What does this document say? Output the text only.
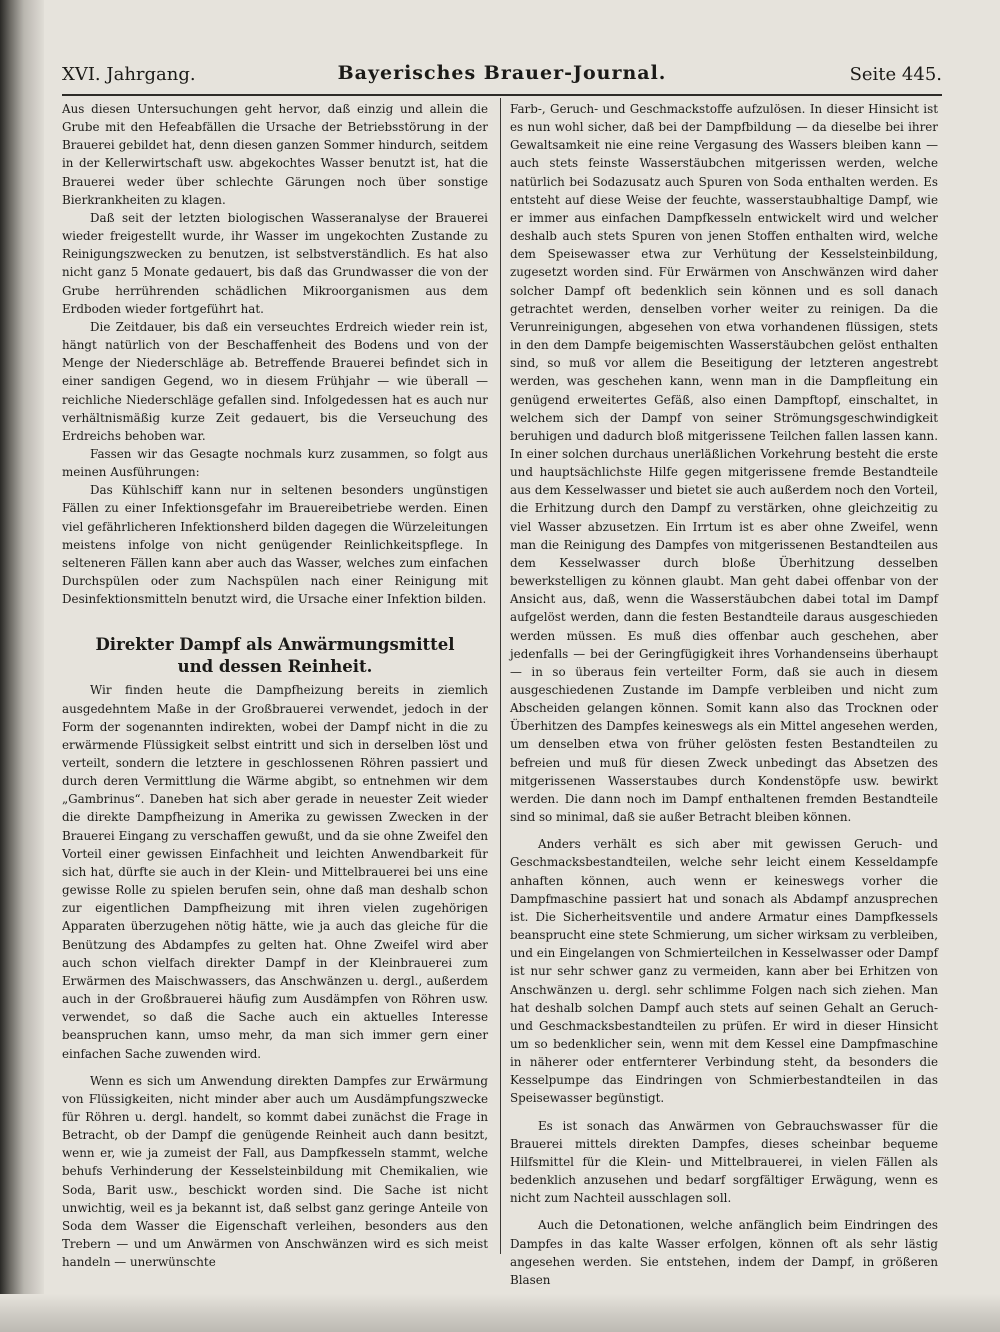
XVI. Jahrgang.	Bayerisches Brauer-Journal.	Seite 445.

Aus diesen Untersuchungen geht hervor, daß einzig und allein die Grube mit den Hefeabfällen die Ursache der Betriebsstörung in der Brauerei gebildet hat, denn diesen ganzen Sommer hindurch, seitdem in der Kellerwirtschaft usw. abgekochtes Wasser benutzt ist, hat die Brauerei weder über schlechte Gärungen noch über sonstige Bierkrankheiten zu klagen.

Daß seit der letzten biologischen Wasseranalyse der Brauerei wieder freigestellt wurde, ihr Wasser im ungekochten Zustande zu Reinigungszwecken zu benutzen, ist selbstverständlich. Es hat also nicht ganz 5 Monate gedauert, bis daß das Grundwasser die von der Grube herrührenden schädlichen Mikroorganismen aus dem Erdboden wieder fortgeführt hat.

Die Zeitdauer, bis daß ein verseuchtes Erdreich wieder rein ist, hängt natürlich von der Beschaffenheit des Bodens und von der Menge der Niederschläge ab. Betreffende Brauerei befindet sich in einer sandigen Gegend, wo in diesem Frühjahr — wie überall — reichliche Niederschläge gefallen sind. Infolgedessen hat es auch nur verhältnismäßig kurze Zeit gedauert, bis die Verseuchung des Erdreichs behoben war.

Fassen wir das Gesagte nochmals kurz zusammen, so folgt aus meinen Ausführungen:

Das Kühlschiff kann nur in seltenen besonders ungünstigen Fällen zu einer Infektionsgefahr im Brauereibetriebe werden. Einen viel gefährlicheren Infektionsherd bilden dagegen die Würzeleitungen meistens infolge von nicht genügender Reinlichkeitspflege. In selteneren Fällen kann aber auch das Wasser, welches zum einfachen Durchspülen oder zum Nachspülen nach einer Reinigung mit Desinfektionsmitteln benutzt wird, die Ursache einer Infektion bilden.

Direkter Dampf als Anwärmungsmittel
und dessen Reinheit.

Wir finden heute die Dampfheizung bereits in ziemlich ausgedehntem Maße in der Großbrauerei verwendet, jedoch in der Form der sogenannten indirekten, wobei der Dampf nicht in die zu erwärmende Flüssigkeit selbst eintritt und sich in derselben löst und verteilt, sondern die letztere in geschlossenen Röhren passiert und durch deren Vermittlung die Wärme abgibt, so entnehmen wir dem „Gambrinus“. Daneben hat sich aber gerade in neuester Zeit wieder die direkte Dampfheizung in Amerika zu gewissen Zwecken in der Brauerei Eingang zu verschaffen gewußt, und da sie ohne Zweifel den Vorteil einer gewissen Einfachheit und leichten Anwendbarkeit für sich hat, dürfte sie auch in der Klein- und Mittelbrauerei bei uns eine gewisse Rolle zu spielen berufen sein, ohne daß man deshalb schon zur eigentlichen Dampfheizung mit ihren vielen zugehörigen Apparaten überzugehen nötig hätte, wie ja auch das gleiche für die Benützung des Abdampfes zu gelten hat. Ohne Zweifel wird aber auch schon vielfach direkter Dampf in der Kleinbrauerei zum Erwärmen des Maischwassers, das Anschwänzen u. dergl., außerdem auch in der Großbrauerei häufig zum Ausdämpfen von Röhren usw. verwendet, so daß die Sache auch ein aktuelles Interesse beanspruchen kann, umso mehr, da man sich immer gern einer einfachen Sache zuwenden wird.

Wenn es sich um Anwendung direkten Dampfes zur Erwärmung von Flüssigkeiten, nicht minder aber auch um Ausdämpfungszwecke für Röhren u. dergl. handelt, so kommt dabei zunächst die Frage in Betracht, ob der Dampf die genügende Reinheit auch dann besitzt, wenn er, wie ja zumeist der Fall, aus Dampfkesseln stammt, welche behufs Verhinderung der Kesselsteinbildung mit Chemikalien, wie Soda, Barit usw., beschickt worden sind. Die Sache ist nicht unwichtig, weil es ja bekannt ist, daß selbst ganz geringe Anteile von Soda dem Wasser die Eigenschaft verleihen, besonders aus den Trebern — und um Anwärmen von Anschwänzen wird es sich meist handeln — unerwünschte

Farb-, Geruch- und Geschmackstoffe aufzulösen. In dieser Hinsicht ist es nun wohl sicher, daß bei der Dampfbildung — da dieselbe bei ihrer Gewaltsamkeit nie eine reine Vergasung des Wassers bleiben kann — auch stets feinste Wasserstäubchen mitgerissen werden, welche natürlich bei Sodazusatz auch Spuren von Soda enthalten werden. Es entsteht auf diese Weise der feuchte, wasserstaubhaltige Dampf, wie er immer aus einfachen Dampfkesseln entwickelt wird und welcher deshalb auch stets Spuren von jenen Stoffen enthalten wird, welche dem Speisewasser etwa zur Verhütung der Kesselsteinbildung, zugesetzt worden sind. Für Erwärmen von Anschwänzen wird daher solcher Dampf oft bedenklich sein können und es soll danach getrachtet werden, denselben vorher weiter zu reinigen. Da die Verunreinigungen, abgesehen von etwa vorhandenen flüssigen, stets in den dem Dampfe beigemischten Wasserstäubchen gelöst enthalten sind, so muß vor allem die Beseitigung der letzteren angestrebt werden, was geschehen kann, wenn man in die Dampfleitung ein genügend erweitertes Gefäß, also einen Dampftopf, einschaltet, in welchem sich der Dampf von seiner Strömungsgeschwindigkeit beruhigen und dadurch bloß mitgerissene Teilchen fallen lassen kann. In einer solchen durchaus unerläßlichen Vorkehrung besteht die erste und hauptsächlichste Hilfe gegen mitgerissene fremde Bestandteile aus dem Kesselwasser und bietet sie auch außerdem noch den Vorteil, die Erhitzung durch den Dampf zu verstärken, ohne gleichzeitig zu viel Wasser abzusetzen. Ein Irrtum ist es aber ohne Zweifel, wenn man die Reinigung des Dampfes von mitgerissenen Bestandteilen aus dem Kesselwasser durch bloße Überhitzung desselben bewerkstelligen zu können glaubt. Man geht dabei offenbar von der Ansicht aus, daß, wenn die Wasserstäubchen dabei total im Dampf aufgelöst werden, dann die festen Bestandteile daraus ausgeschieden werden müssen. Es muß dies offenbar auch geschehen, aber jedenfalls — bei der Geringfügigkeit ihres Vorhandenseins überhaupt — in so überaus fein verteilter Form, daß sie auch in diesem ausgeschiedenen Zustande im Dampfe verbleiben und nicht zum Abscheiden gelangen können. Somit kann also das Trocknen oder Überhitzen des Dampfes keineswegs als ein Mittel angesehen werden, um denselben etwa von früher gelösten festen Bestandteilen zu befreien und muß für diesen Zweck unbedingt das Absetzen des mitgerissenen Wasserstaubes durch Kondenstöpfe usw. bewirkt werden. Die dann noch im Dampf enthaltenen fremden Bestandteile sind so minimal, daß sie außer Betracht bleiben können.

Anders verhält es sich aber mit gewissen Geruch- und Geschmacksbestandteilen, welche sehr leicht einem Kesseldampfe anhaften können, auch wenn er keineswegs vorher die Dampfmaschine passiert hat und sonach als Abdampf anzusprechen ist. Die Sicherheitsventile und andere Armatur eines Dampfkessels beansprucht eine stete Schmierung, um sicher wirksam zu verbleiben, und ein Eingelangen von Schmierteilchen in Kesselwasser oder Dampf ist nur sehr schwer ganz zu vermeiden, kann aber bei Erhitzen von Anschwänzen u. dergl. sehr schlimme Folgen nach sich ziehen. Man hat deshalb solchen Dampf auch stets auf seinen Gehalt an Geruch- und Geschmacksbestandteilen zu prüfen. Er wird in dieser Hinsicht um so bedenklicher sein, wenn mit dem Kessel eine Dampfmaschine in näherer oder entfernterer Verbindung steht, da besonders die Kesselpumpe das Eindringen von Schmierbestandteilen in das Speisewasser begünstigt.

Es ist sonach das Anwärmen von Gebrauchswasser für die Brauerei mittels direkten Dampfes, dieses scheinbar bequeme Hilfsmittel für die Klein- und Mittelbrauerei, in vielen Fällen als bedenklich anzusehen und bedarf sorgfältiger Erwägung, wenn es nicht zum Nachteil ausschlagen soll.

Auch die Detonationen, welche anfänglich beim Eindringen des Dampfes in das kalte Wasser erfolgen, können oft als sehr lästig angesehen werden. Sie entstehen, indem der Dampf, in größeren Blasen
